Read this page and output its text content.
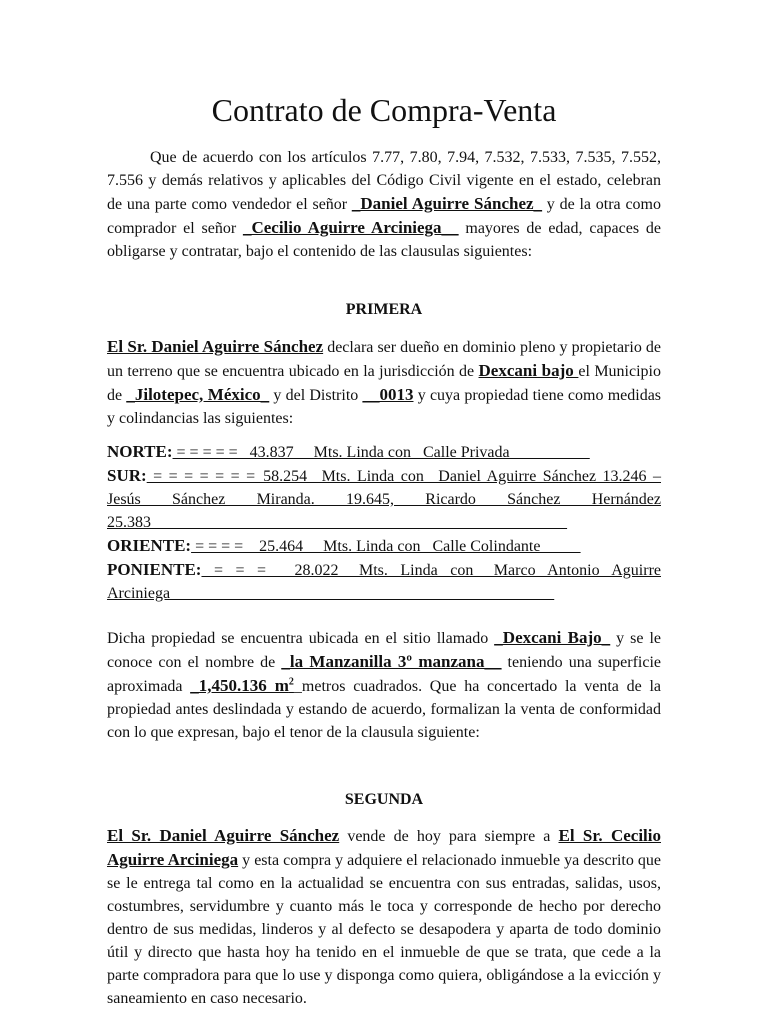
Contrato de Compra-Venta

Que de acuerdo con los artículos 7.77, 7.80, 7.94, 7.532, 7.533, 7.535, 7.552, 7.556 y demás relativos y aplicables del Código Civil vigente en el estado, celebran de una parte como vendedor el señor _Daniel Aguirre Sánchez_ y de la otra como comprador el señor _Cecilio Aguirre Arciniega__ mayores de edad, capaces de obligarse y contratar, bajo el contenido de las clausulas siguientes:

PRIMERA

El Sr. Daniel Aguirre Sánchez declara ser dueño en dominio pleno y propietario de un terreno que se encuentra ubicado en la jurisdicción de Dexcani bajo el Municipio de _Jilotepec, México_ y del Distrito __0013 y cuya propiedad tiene como medidas y colindancias las siguientes:

NORTE: = = = = = _43.837__ Mts. Linda con _Calle Privada__________

SUR: = = = = = = =_58.254_ Mts. Linda con _Daniel Aguirre Sánchez 13.246 – Jesús Sánchez Miranda. 19.645, Ricardo Sánchez Hernández 25.383____________________________________________________

ORIENTE: = = = =__25.464__ Mts. Linda con _Calle Colindante_____

PONIENTE: = = = __28.022_ Mts. Linda con _Marco Antonio Aguirre Arciniega________________________________________________

Dicha propiedad se encuentra ubicada en el sitio llamado _Dexcani Bajo_ y se le conoce con el nombre de _la Manzanilla 3º manzana__ teniendo una superficie aproximada _1,450.136 $m^2\_metros$ cuadrados. Que ha concertado la venta de la propiedad antes deslindada y estando de acuerdo, formalizan la venta de conformidad con lo que expresan, bajo el tenor de la clausula siguiente:

SEGUNDA

El Sr. Daniel Aguirre Sánchez vende de hoy para siempre a El Sr. Cecilio Aguirre Arciniega y esta compra y adquiere el relacionado inmueble ya descrito que se le entrega tal como en la actualidad se encuentra con sus entradas, salidas, usos, costumbres, servidumbre y cuanto más le toca y corresponde de hecho por derecho dentro de sus medidas, linderos y al defecto se desapodera y aparta de todo dominio útil y directo que hasta hoy ha tenido en el inmueble de que se trata, que cede a la parte compradora para que lo use y disponga como quiera, obligándose a la evicción y saneamiento en caso necesario.
